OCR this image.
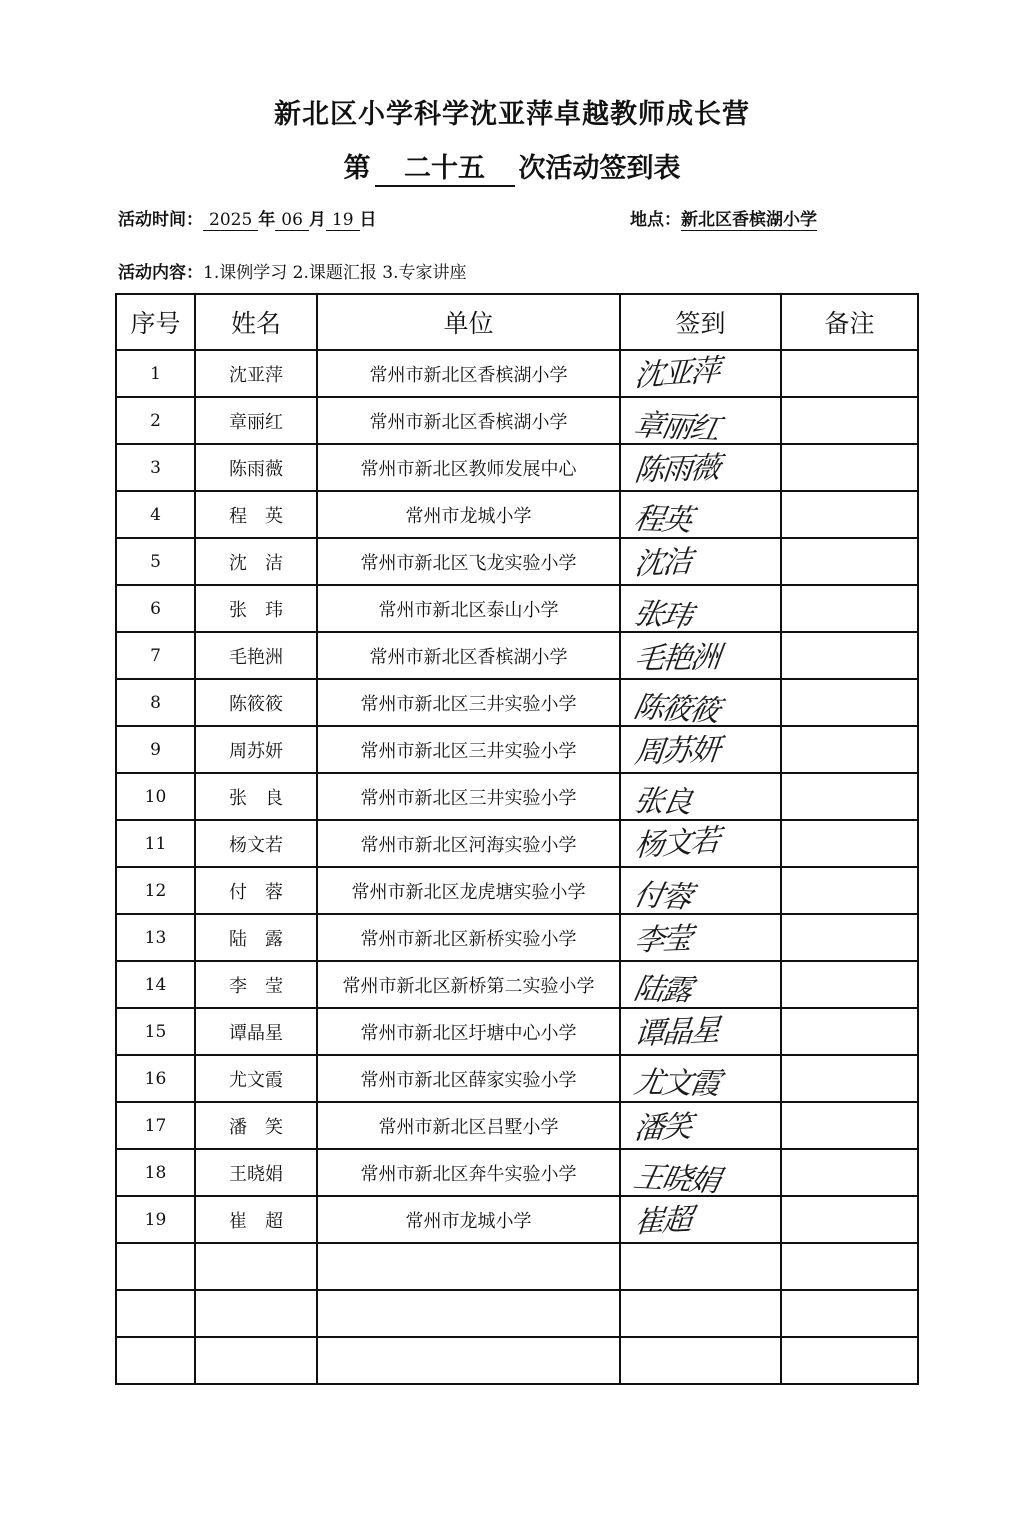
新北区小学科学沈亚萍卓越教师成长营
第 二十五 次活动签到表
活动时间： 2025 年 06 月 19 日	地点：新北区香槟湖小学
活动内容：1.课例学习 2.课题汇报 3.专家讲座
序号	姓名	单位	签到	备注
1	沈亚萍	常州市新北区香槟湖小学	沈亚萍	
2	章丽红	常州市新北区香槟湖小学	章丽红	
3	陈雨薇	常州市新北区教师发展中心	陈雨薇	
4	程　英	常州市龙城小学	程英	
5	沈　洁	常州市新北区飞龙实验小学	沈洁	
6	张　玮	常州市新北区泰山小学	张玮	
7	毛艳洲	常州市新北区香槟湖小学	毛艳洲	
8	陈筱筱	常州市新北区三井实验小学	陈筱筱	
9	周苏妍	常州市新北区三井实验小学	周苏妍	
10	张　良	常州市新北区三井实验小学	张良	
11	杨文若	常州市新北区河海实验小学	杨文若	
12	付　蓉	常州市新北区龙虎塘实验小学	付蓉	
13	陆　露	常州市新北区新桥实验小学	李莹	
14	李　莹	常州市新北区新桥第二实验小学	陆露	
15	谭晶星	常州市新北区圩塘中心小学	谭晶星	
16	尤文霞	常州市新北区薛家实验小学	尤文霞	
17	潘　笑	常州市新北区吕墅小学	潘笑	
18	王晓娟	常州市新北区奔牛实验小学	王晓娟	
19	崔　超	常州市龙城小学	崔超	
